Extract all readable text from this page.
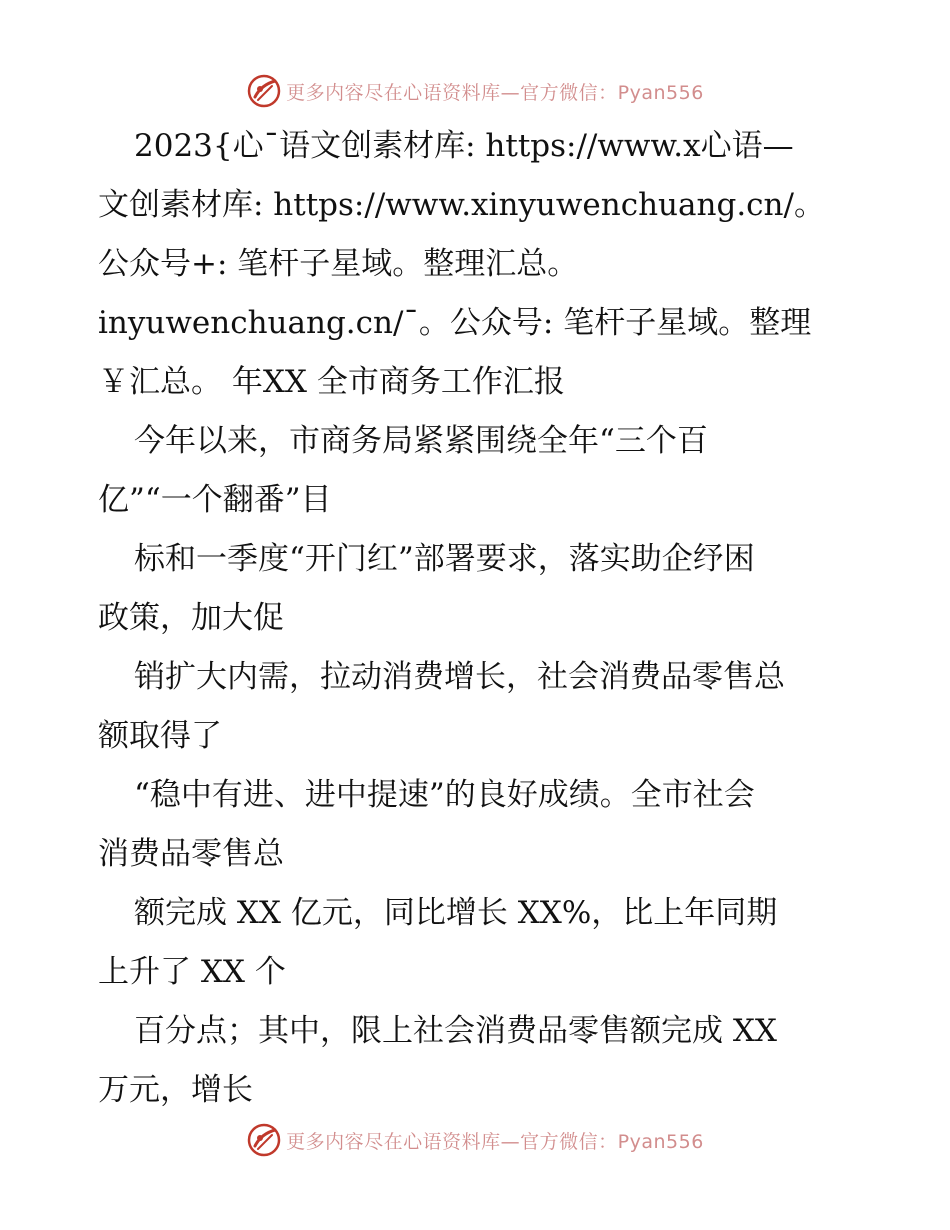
更多内容尽在心语资料库—官方微信：Pyan556
2023{心¯语文创素材库: https://www.x心语—
文创素材库: https://www.xinyuwenchuang.cn/。
公众号+: 笔杆子星域。整理汇总。
inyuwenchuang.cn/¯。公众号: 笔杆子星域。整理
￥汇总。 年XX 全市商务工作汇报
今年以来，市商务局紧紧围绕全年“三个百
亿”“一个翻番”目
标和一季度“开门红”部署要求，落实助企纾困
政策，加大促
销扩大内需，拉动消费增长，社会消费品零售总
额取得了
“稳中有进、进中提速”的良好成绩。全市社会
消费品零售总
额完成 XX 亿元，同比增长 XX%，比上年同期
上升了 XX 个
百分点；其中，限上社会消费品零售额完成 XX
万元，增长
更多内容尽在心语资料库—官方微信：Pyan556
